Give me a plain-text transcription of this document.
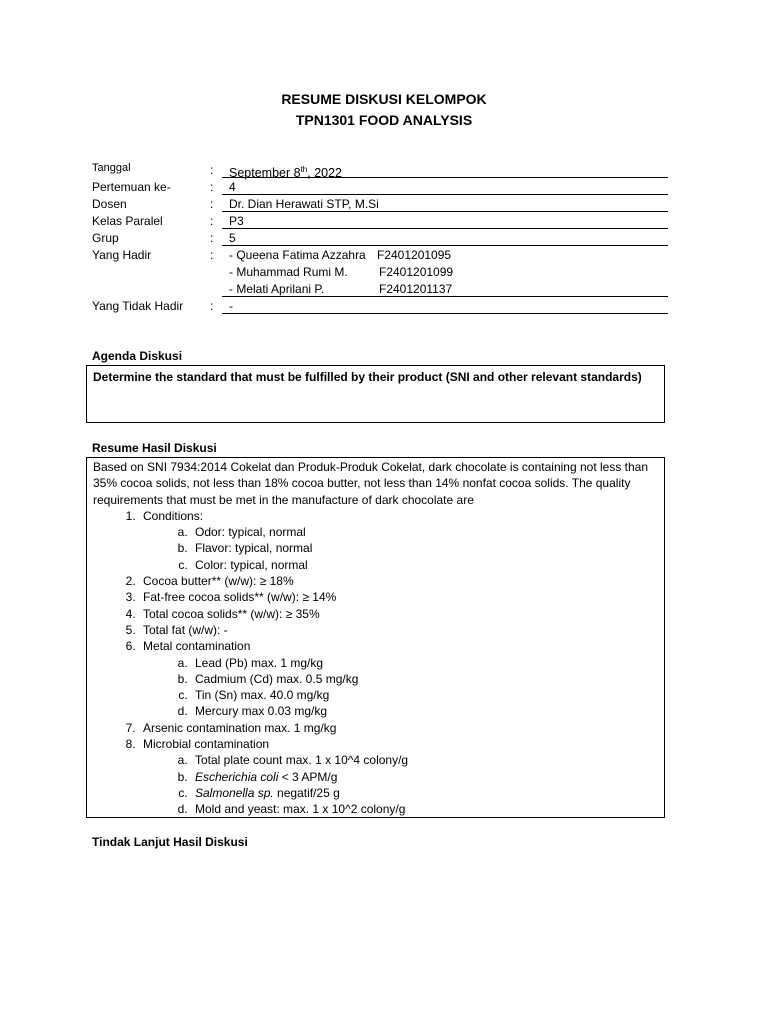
RESUME DISKUSI KELOMPOK
TPN1301 FOOD ANALYSIS
Tanggal	:	September 8th, 2022
Pertemuan ke-	:	4
Dosen	:	Dr. Dian Herawati STP, M.Si
Kelas Paralel	:	P3
Grup	:	5
Yang Hadir	:	- Queena Fatima Azzahra F2401201095
- Muhammad Rumi M.	F2401201099
- Melati Aprilani P.	F2401201137
Yang Tidak Hadir :	-
Agenda Diskusi
Determine the standard that must be fulfilled by their product (SNI and other relevant standards)
Resume Hasil Diskusi

Based on SNI 7934:2014 Cokelat dan Produk-Produk Cokelat, dark chocolate is containing not less than 35% cocoa solids, not less than 18% cocoa butter, not less than 14% nonfat cocoa solids. The quality requirements that must be met in the manufacture of dark chocolate are

1. Conditions:
a. Odor: typical, normal
b. Flavor: typical, normal
c. Color: typical, normal
2. Cocoa butter** (w/w): ≥ 18%
3. Fat-free cocoa solids** (w/w): ≥ 14%
4. Total cocoa solids** (w/w): ≥ 35%
5. Total fat (w/w): -
6. Metal contamination
a. Lead (Pb) max. 1 mg/kg
b. Cadmium (Cd) max. 0.5 mg/kg
c. Tin (Sn) max. 40.0 mg/kg
d. Mercury max 0.03 mg/kg
7. Arsenic contamination max. 1 mg/kg
8. Microbial contamination
a. Total plate count max. 1 x 10^4 colony/g
b. Escherichia coli < 3 APM/g
c. Salmonella sp. negatif/25 g
d. Mold and yeast: max. 1 x 10^2 colony/g
Tindak Lanjut Hasil Diskusi
